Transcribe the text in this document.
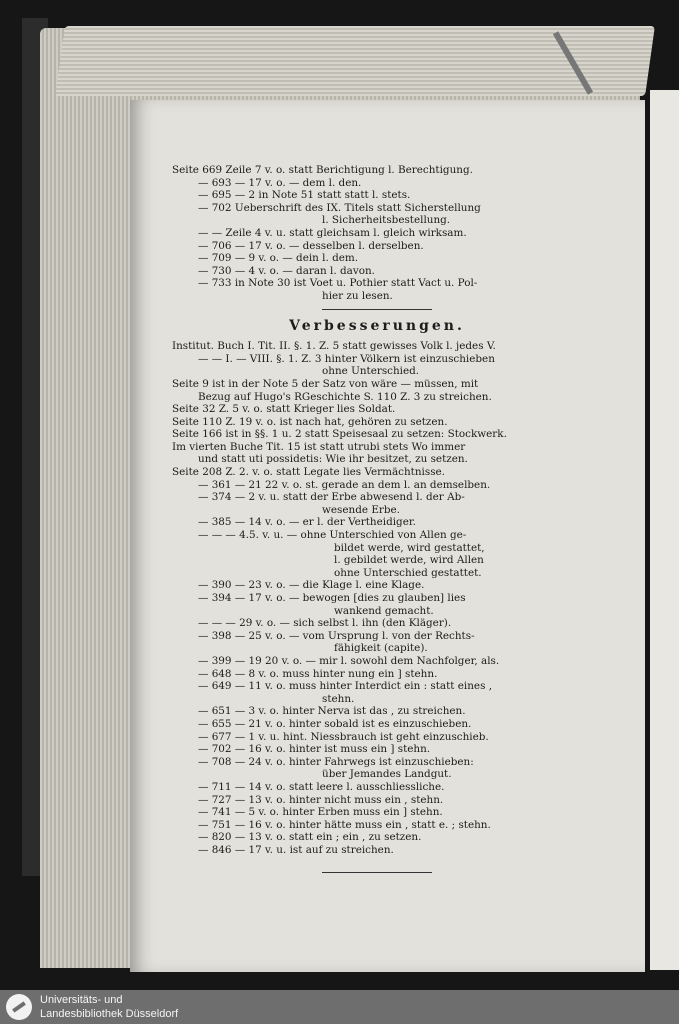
Seite 669 Zeile 7 v. o. statt Berichtigung l. Berechtigung.
— 693 — 17 v. o. — dem l. den.
— 695 — 2 in Note 51 statt statt l. stets.
— 702 Ueberschrift des IX. Titels statt Sicherstellung
l. Sicherheitsbestellung.
— — Zeile 4 v. u. statt gleichsam l. gleich wirksam.
— 706 — 17 v. o. — desselben l. derselben.
— 709 — 9 v. o. — dein l. dem.
— 730 — 4 v. o. — daran l. davon.
— 733 in Note 30 ist Voet u. Pothier statt Vact u. Pol-
hier zu lesen.
Verbesserungen.
Institut. Buch I. Tit. II. §. 1. Z. 5 statt gewisses Volk l. jedes V.
— — I. — VIII. §. 1. Z. 3 hinter Völkern ist einzuschieben
ohne Unterschied.
Seite 9 ist in der Note 5 der Satz von wäre — müssen, mit
Bezug auf Hugo's RGeschichte S. 110 Z. 3 zu streichen.
Seite 32 Z. 5 v. o. statt Krieger lies Soldat.
Seite 110 Z. 19 v. o. ist nach hat, gehören zu setzen.
Seite 166 ist in §§. 1 u. 2 statt Speisesaal zu setzen: Stockwerk.
Im vierten Buche Tit. 15 ist statt utrubi stets Wo immer
und statt uti possidetis: Wie ihr besitzet, zu setzen.
Seite 208 Z. 2. v. o. statt Legate lies Vermächtnisse.
— 361 — 21 22 v. o. st. gerade an dem l. an demselben.
— 374 — 2 v. u. statt der Erbe abwesend l. der Ab-
wesende Erbe.
— 385 — 14 v. o. — er l. der Vertheidiger.
— — — 4.5. v. u. — ohne Unterschied von Allen ge-
bildet werde, wird gestattet,
l. gebildet werde, wird Allen
ohne Unterschied gestattet.
— 390 — 23 v. o. — die Klage l. eine Klage.
— 394 — 17 v. o. — bewogen [dies zu glauben] lies
wankend gemacht.
— — — 29 v. o. — sich selbst l. ihn (den Kläger).
— 398 — 25 v. o. — vom Ursprung l. von der Rechts-
fähigkeit (capite).
— 399 — 19 20 v. o. — mir l. sowohl dem Nachfolger, als.
— 648 — 8 v. o. muss hinter nung ein ] stehn.
— 649 — 11 v. o. muss hinter Interdict ein : statt eines ,
stehn.
— 651 — 3 v. o. hinter Nerva ist das , zu streichen.
— 655 — 21 v. o. hinter sobald ist es einzuschieben.
— 677 — 1 v. u. hint. Niessbrauch ist geht einzuschieb.
— 702 — 16 v. o. hinter ist muss ein ] stehn.
— 708 — 24 v. o. hinter Fahrwegs ist einzuschieben:
über Jemandes Landgut.
— 711 — 14 v. o. statt leere l. ausschliessliche.
— 727 — 13 v. o. hinter nicht muss ein , stehn.
— 741 — 5 v. o. hinter Erben muss ein ] stehn.
— 751 — 16 v. o. hinter hätte muss ein , statt e. ; stehn.
— 820 — 13 v. o. statt ein ; ein , zu setzen.
— 846 — 17 v. u. ist auf zu streichen.
Universitäts- und
Landesbibliothek Düsseldorf
